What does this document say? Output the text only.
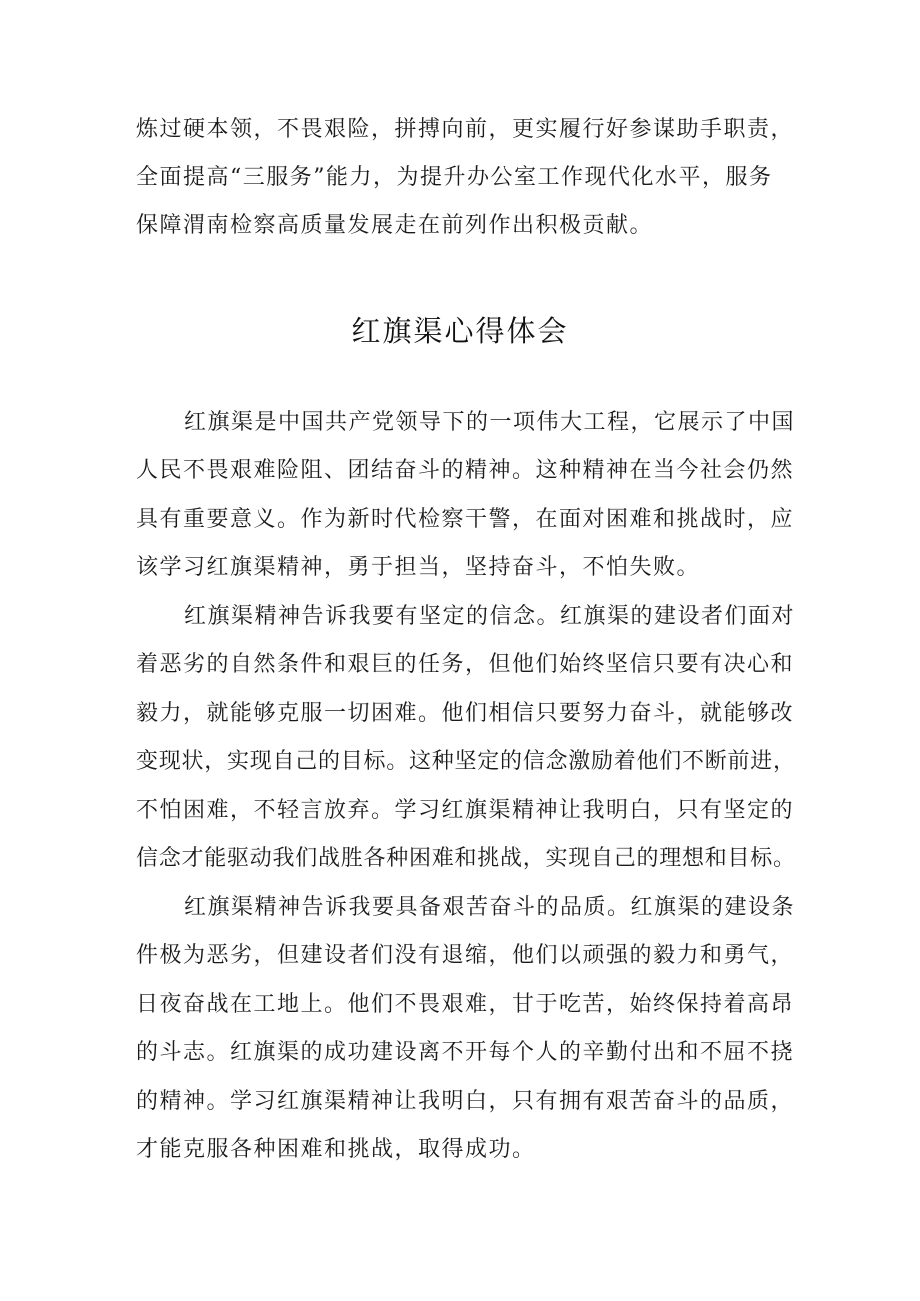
炼过硬本领，不畏艰险，拼搏向前，更实履行好参谋助手职责，
全面提高“三服务”能力，为提升办公室工作现代化水平，服务
保障渭南检察高质量发展走在前列作出积极贡献。
红旗渠心得体会
红旗渠是中国共产党领导下的一项伟大工程，它展示了中国
人民不畏艰难险阻、团结奋斗的精神。这种精神在当今社会仍然
具有重要意义。作为新时代检察干警，在面对困难和挑战时，应
该学习红旗渠精神，勇于担当，坚持奋斗，不怕失败。
红旗渠精神告诉我要有坚定的信念。红旗渠的建设者们面对
着恶劣的自然条件和艰巨的任务，但他们始终坚信只要有决心和
毅力，就能够克服一切困难。他们相信只要努力奋斗，就能够改
变现状，实现自己的目标。这种坚定的信念激励着他们不断前进，
不怕困难，不轻言放弃。学习红旗渠精神让我明白，只有坚定的
信念才能驱动我们战胜各种困难和挑战，实现自己的理想和目标。
红旗渠精神告诉我要具备艰苦奋斗的品质。红旗渠的建设条
件极为恶劣，但建设者们没有退缩，他们以顽强的毅力和勇气，
日夜奋战在工地上。他们不畏艰难，甘于吃苦，始终保持着高昂
的斗志。红旗渠的成功建设离不开每个人的辛勤付出和不屈不挠
的精神。学习红旗渠精神让我明白，只有拥有艰苦奋斗的品质，
才能克服各种困难和挑战，取得成功。
